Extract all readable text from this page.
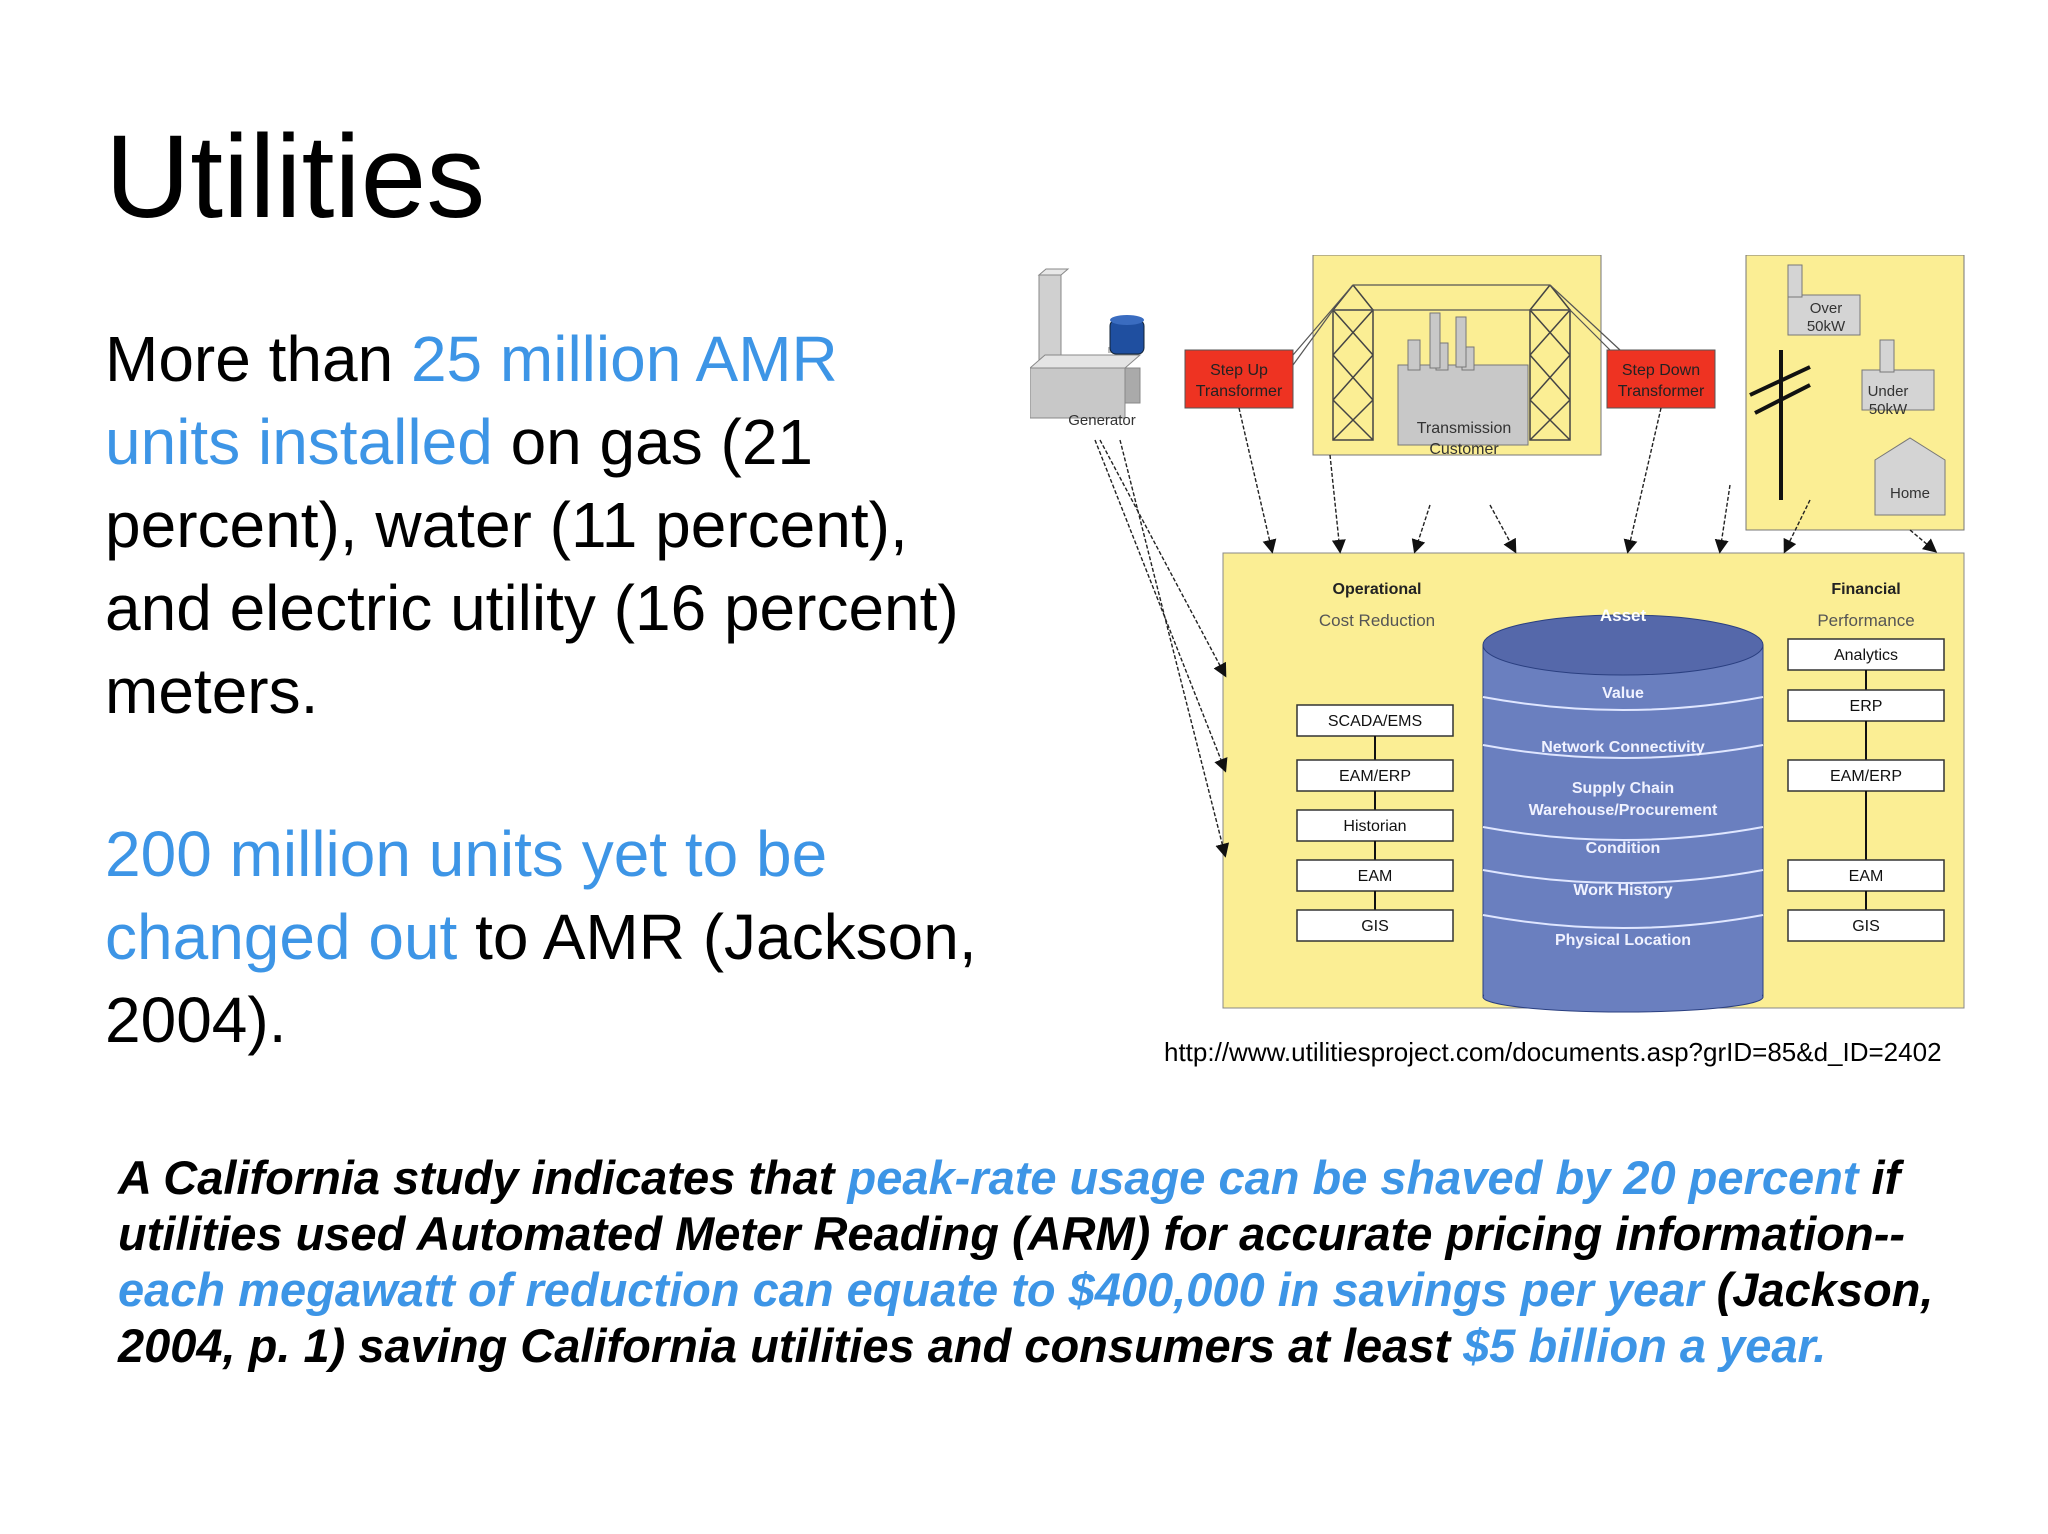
Utilities

More than 25 million AMR units installed on gas (21 percent), water (11 percent), and electric utility (16 percent) meters.

200 million units yet to be changed out to AMR (Jackson, 2004).

Generator
Step Up
Transformer
Transmission
Customer
Step Down
Transformer
Over
50kW
Under
50kW
Home
Operational
Cost Reduction
Financial
Performance
SCADA/EMS
EAM/ERP
Historian
EAM
GIS
Analytics
ERP
EAM/ERP
EAM
GIS
Asset
Value
Network Connectivity
Supply Chain
Warehouse/Procurement
Condition
Work History
Physical Location
http://www.utilitiesproject.com/documents.asp?grID=85&d_ID=2402

A California study indicates that peak-rate usage can be shaved by 20 percent if utilities used Automated Meter Reading (ARM) for accurate pricing information--each megawatt of reduction can equate to $400,000 in savings per year (Jackson, 2004, p. 1) saving California utilities and consumers at least $5 billion a year.
